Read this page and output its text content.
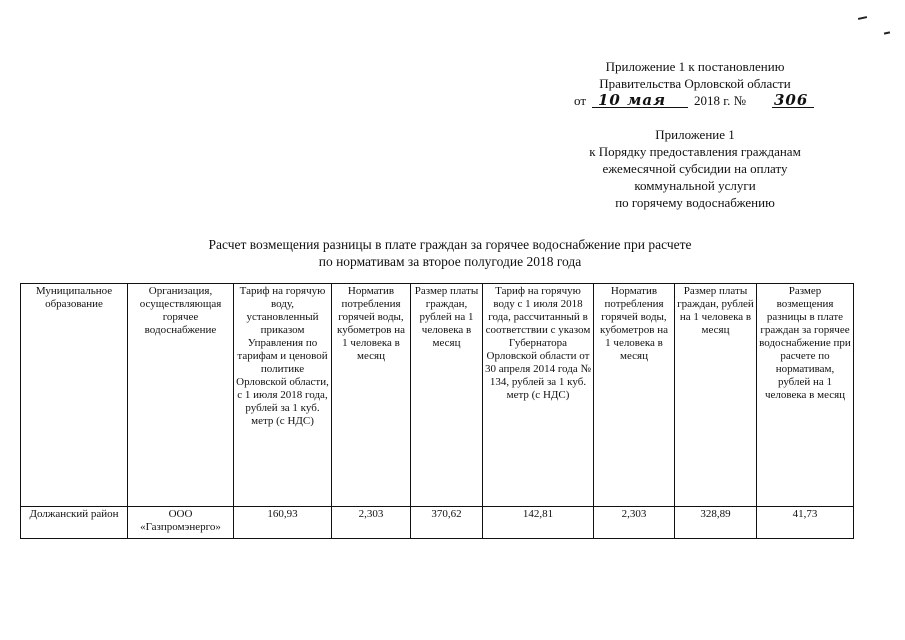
Приложение 1 к постановлению
Правительства Орловской области
от 10 мая 2018 г. № 306
Приложение 1
к Порядку предоставления гражданам
ежемесячной субсидии на оплату
коммунальной услуги
по горячему водоснабжению
Расчет возмещения разницы в плате граждан за горячее водоснабжение при расчете
по нормативам за второе полугодие 2018 года
Муниципальное образование	Организация, осуществляющая горячее водоснабжение	Тариф на горячую воду, установленный приказом Управления по тарифам и ценовой политике Орловской области, с 1 июля 2018 года, рублей за 1 куб. метр (с НДС)	Норматив потребления горячей воды, кубометров на 1 человека в месяц	Размер платы граждан, рублей на 1 человека в месяц	Тариф на горячую воду с 1 июля 2018 года, рассчитанный в соответствии с указом Губернатора Орловской области от 30 апреля 2014 года № 134, рублей за 1 куб. метр (с НДС)	Норматив потребления горячей воды, кубометров на 1 человека в месяц	Размер платы граждан, рублей на 1 человека в месяц	Размер возмещения разницы в плате граждан за горячее водоснабжение при расчете по нормативам, рублей на 1 человека в месяц
Должанский район	ООО «Газпромэнерго»	160,93	2,303	370,62	142,81	2,303	328,89	41,73
